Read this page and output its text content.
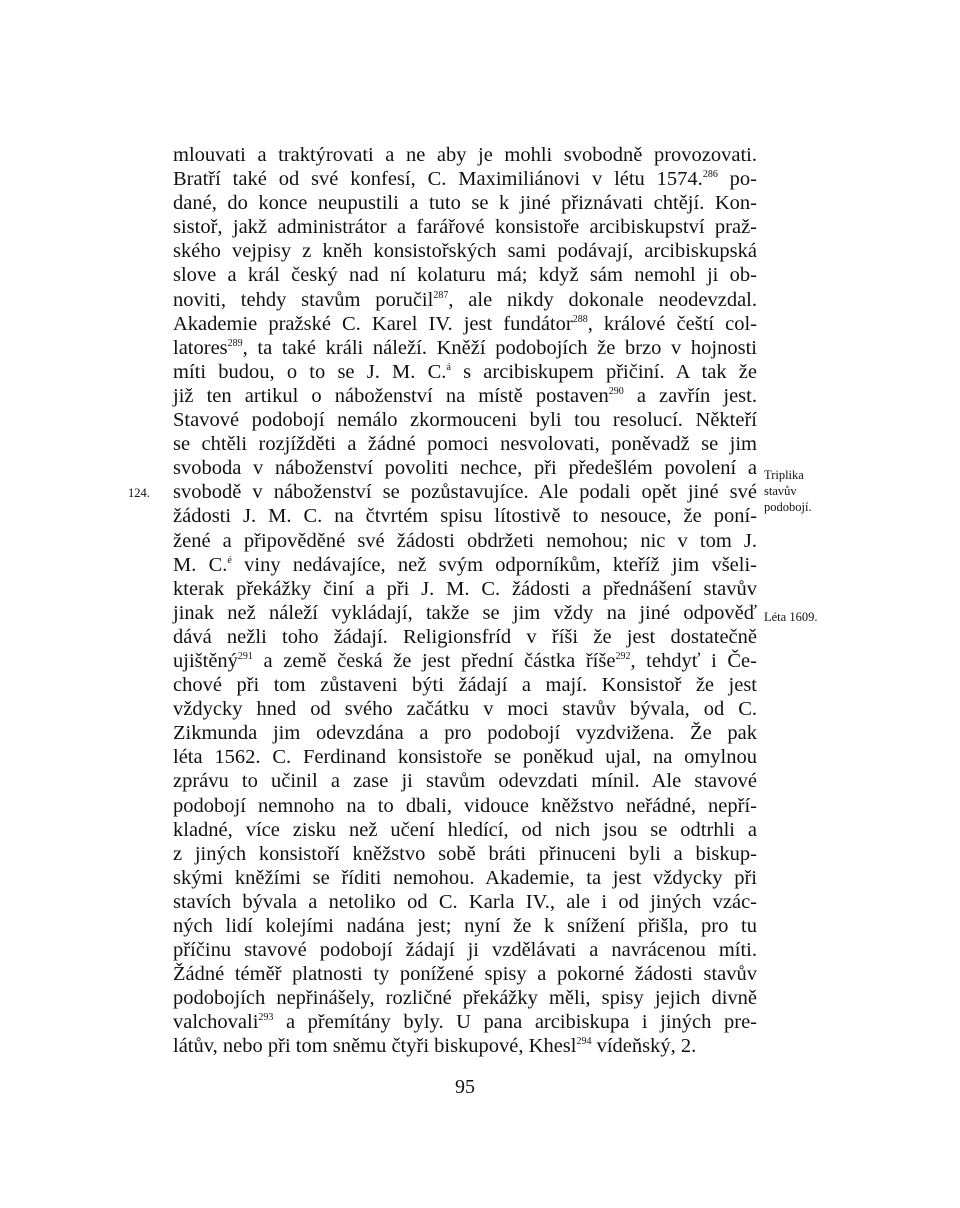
mlouvati a traktýrovati a ne aby je mohli svobodně provozovati.
Bratří také od své konfesí, C. Maximiliánovi v létu 1574.$^{286}$ po-
dané, do konce neupustili a tuto se k jiné přiznávati chtějí. Kon-
sistoř, jakž administrátor a farářové konsistoře arcibiskupství praž-
ského vejpisy z kněh konsistořských sami podávají, arcibiskupská
slove a král český nad ní kolaturu má; když sám nemohl ji ob-
noviti, tehdy stavům poručil$^{287}$, ale nikdy dokonale neodevzdal.
Akademie pražské C. Karel IV. jest fundátor$^{288}$, králové čeští col-
latores$^{289}$, ta také králi náleží. Kněží podobojích že brzo v hojnosti
míti budou, o to se J. M. C.$^á$ s arcibiskupem přičiní. A tak že
již ten artikul o náboženství na místě postaven$^{290}$ a zavřín jest.
Stavové podobojí nemálo zkormouceni byli tou resolucí. Někteří
se chtěli rozjížděti a žádné pomoci nesvolovati, poněvadž se jim
svoboda v náboženství povoliti nechce, při předešlém povolení a
svobodě v náboženství se pozůstavujíce. Ale podali opět jiné své
žádosti J. M. C. na čtvrtém spisu lítostivě to nesouce, že poní-
žené a připověděné své žádosti obdržeti nemohou; nic v tom J.
M. C.$^é$ viny nedávajíce, než svým odporníkům, kteříž jim všeli-
kterak překážky činí a při J. M. C. žádosti a přednášení stavův
jinak než náleží vykládají, takže se jim vždy na jiné odpověď
dává nežli toho žádají. Religionsfríd v říši že jest dostatečně
ujištěný$^{291}$ a země česká že jest přední částka říše$^{292}$, tehdyť i Če-
chové při tom zůstaveni býti žádají a mají. Konsistoř že jest
vždycky hned od svého začátku v moci stavův bývala, od C.
Zikmunda jim odevzdána a pro podobojí vyzdvižena. Že pak
léta 1562. C. Ferdinand konsistoře se poněkud ujal, na omylnou
zprávu to učinil a zase ji stavům odevzdati mínil. Ale stavové
podobojí nemnoho na to dbali, vidouce kněžstvo neřádné, nepří-
kladné, více zisku než učení hledící, od nich jsou se odtrhli a
z jiných konsistoří kněžstvo sobě bráti přinuceni byli a biskup-
skými kněžími se říditi nemohou. Akademie, ta jest vždycky při
stavích bývala a netoliko od C. Karla IV., ale i od jiných vzác-
ných lidí kolejími nadána jest; nyní že k snížení přišla, pro tu
příčinu stavové podobojí žádají ji vzdělávati a navrácenou míti.
Žádné téměř platnosti ty ponížené spisy a pokorné žádosti stavův
podobojích nepřinášely, rozličné překážky měli, spisy jejich divně
valchovali$^{293}$ a přemítány byly. U pana arcibiskupa i jiných pre-
látův, nebo při tom sněmu čtyři biskupové, Khesl$^{294}$ vídeňský, 2.
124.
Triplika
stavův
podobojí.
Léta 1609.
95
